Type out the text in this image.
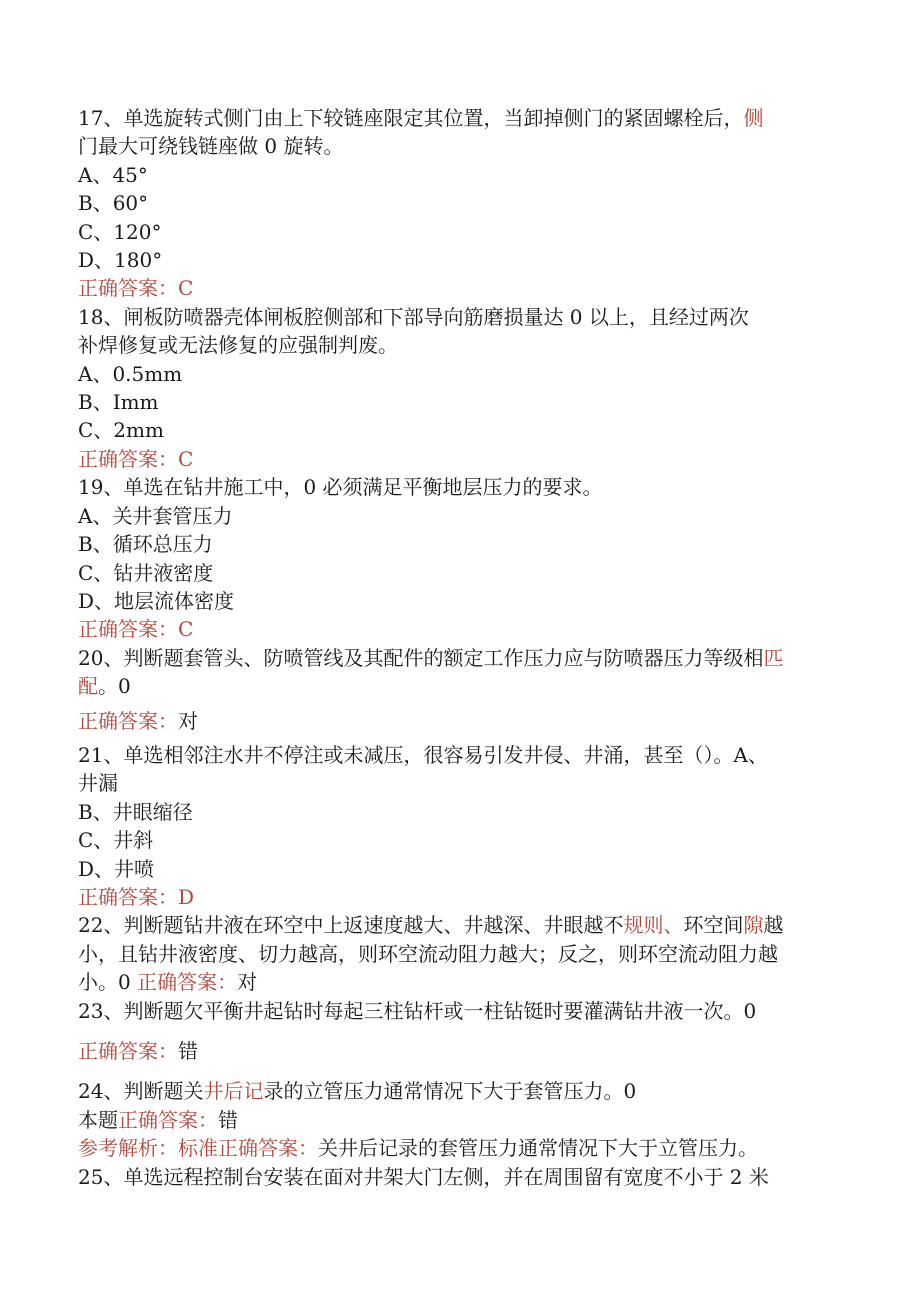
17、单选旋转式侧门由上下较链座限定其位置，当卸掉侧门的紧固螺栓后，侧
门最大可绕钱链座做 0 旋转。
A、45°
B、60°
C、120°
D、180°
正确答案：C
18、闸板防喷器壳体闸板腔侧部和下部导向筋磨损量达 0 以上，且经过两次
补焊修复或无法修复的应强制判废。
A、0.5mm
B、Imm
C、2mm
正确答案：C
19、单选在钻井施工中，0 必须满足平衡地层压力的要求。
A、关井套管压力
B、循环总压力
C、钻井液密度
D、地层流体密度
正确答案：C
20、判断题套管头、防喷管线及其配件的额定工作压力应与防喷器压力等级相匹
配。0
正确答案：对
21、单选相邻注水井不停注或未减压，很容易引发井侵、井涌，甚至（）。A、
井漏
B、井眼缩径
C、井斜
D、井喷
正确答案：D
22、判断题钻井液在环空中上返速度越大、井越深、井眼越不规则、环空间隙越
小，且钻井液密度、切力越高，则环空流动阻力越大；反之，则环空流动阻力越
小。0 正确答案：对
23、判断题欠平衡井起钻时每起三柱钻杆或一柱钻铤时要灌满钻井液一次。0
正确答案：错
24、判断题关井后记录的立管压力通常情况下大于套管压力。0
本题正确答案：错
参考解析：标准正确答案：关井后记录的套管压力通常情况下大于立管压力。
25、单选远程控制台安装在面对井架大门左侧，并在周围留有宽度不小于 2 米
